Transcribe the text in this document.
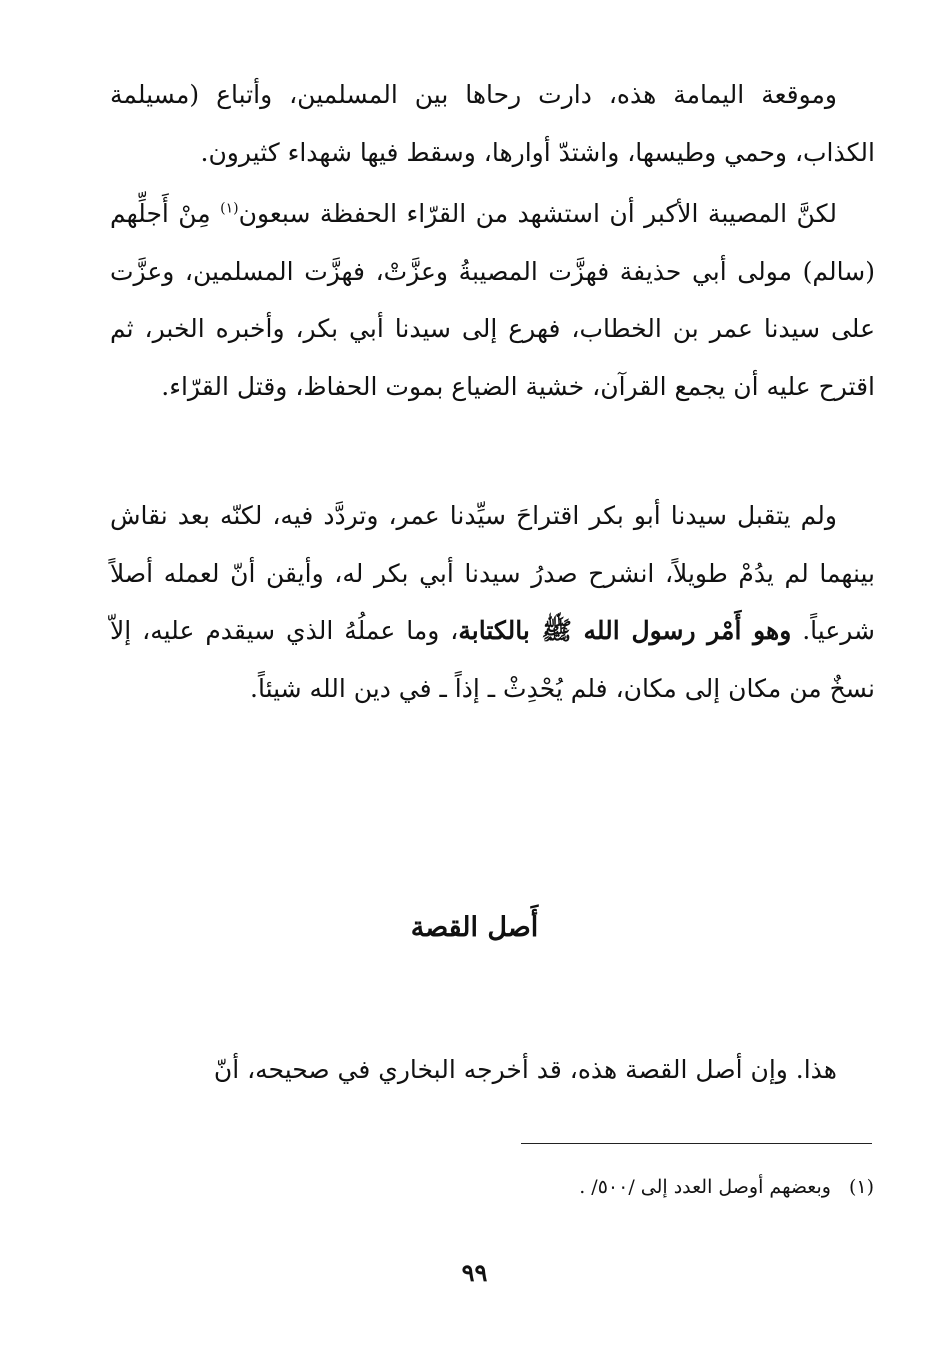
وموقعة اليمامة هذه، دارت رحاها بين المسلمين، وأتباع (مسيلمة الكذاب، وحمي وطيسها، واشتدّ أوارها، وسقط فيها شهداء كثيرون.

لكنَّ المصيبة الأكبر أن استشهد من القرّاء الحفظة سبعون$^{(١)}$ مِنْ أَجلِّهم (سالم) مولى أبي حذيفة فهزَّت المصيبةُ وعزَّتْ، فهزَّت المسلمين، وعزَّت على سيدنا عمر بن الخطاب، فهرع إلى سيدنا أبي بكر، وأخبره الخبر، ثم اقترح عليه أن يجمع القرآن، خشية الضياع بموت الحفاظ، وقتل القرّاء.

ولم يتقبل سيدنا أبو بكر اقتراحَ سيِّدنا عمر، وتردَّد فيه، لكنّه بعد نقاش بينهما لم يدُمْ طويلاً، انشرح صدرُ سيدنا أبي بكر له، وأيقن أنّ لعمله أصلاً شرعياً. وهو أَمْر رسول الله ﷺ بالكتابة، وما عملُهُ الذي سيقدم عليه، إلاّ نسخٌ من مكان إلى مكان، فلم يُحْدِثْ ـ إذاً ـ في دين الله شيئاً.

أَصل القصة

هذا. وإن أصل القصة هذه، قد أخرجه البخاري في صحيحه، أنّ

(١)وبعضهم أوصل العدد إلى /٥٠٠/ .

٩٩
